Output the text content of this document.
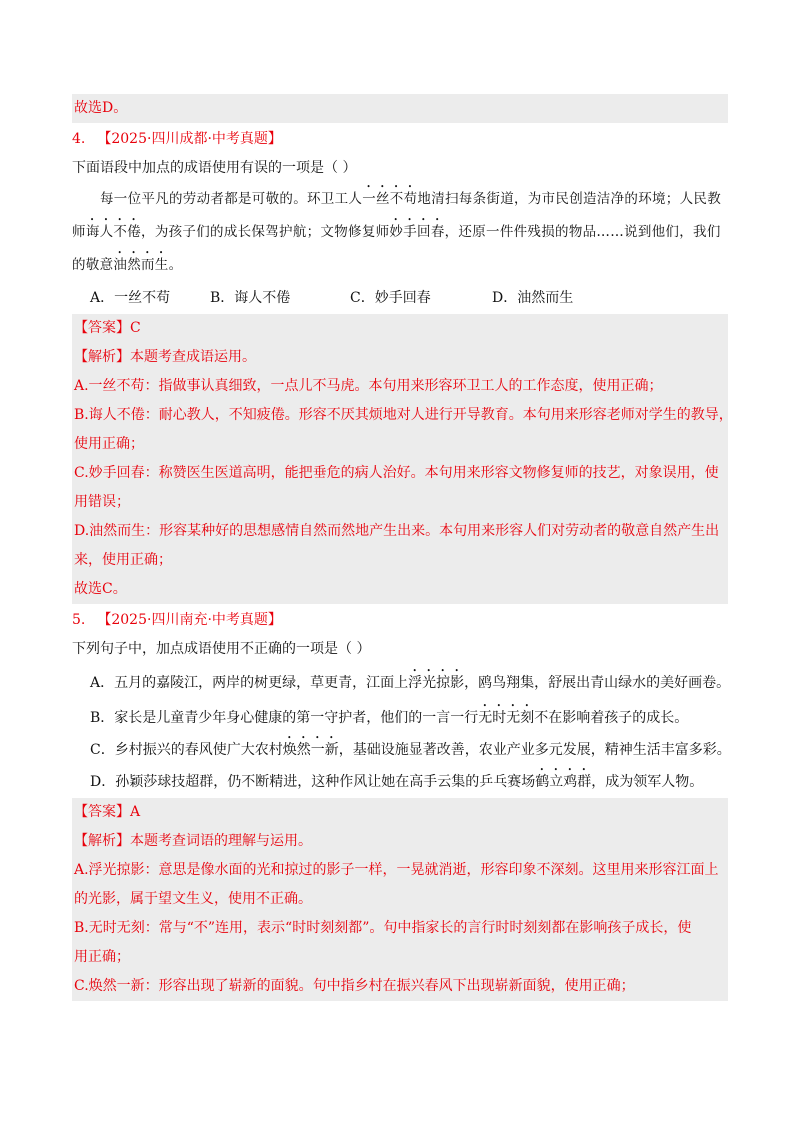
故选D。
4. 【2025·四川成都·中考真题】
下面语段中加点的成语使用有误的一项是（ ）
每一位平凡的劳动者都是可敬的。环卫工人一丝不苟地清扫每条街道，为市民创造洁净的环境；人民教师诲人不倦，为孩子们的成长保驾护航；文物修复师妙手回春，还原一件件残损的物品……说到他们，我们的敬意油然而生。
A．一丝不苟	B．诲人不倦	C．妙手回春	D．油然而生
【答案】C
【解析】本题考查成语运用。
A.一丝不苟：指做事认真细致，一点儿不马虎。本句用来形容环卫工人的工作态度，使用正确；
B.诲人不倦：耐心教人，不知疲倦。形容不厌其烦地对人进行开导教育。本句用来形容老师对学生的教导，
使用正确；
C.妙手回春：称赞医生医道高明，能把垂危的病人治好。本句用来形容文物修复师的技艺，对象误用，使
用错误；
D.油然而生：形容某种好的思想感情自然而然地产生出来。本句用来形容人们对劳动者的敬意自然产生出
来，使用正确；
故选C。
5. 【2025·四川南充·中考真题】
下列句子中，加点成语使用不正确的一项是（ ）
A．五月的嘉陵江，两岸的树更绿，草更青，江面上浮光掠影，鸥鸟翔集，舒展出青山绿水的美好画卷。
B．家长是儿童青少年身心健康的第一守护者，他们的一言一行无时无刻不在影响着孩子的成长。
C．乡村振兴的春风使广大农村焕然一新，基础设施显著改善，农业产业多元发展，精神生活丰富多彩。
D．孙颖莎球技超群，仍不断精进，这种作风让她在高手云集的乒乓赛场鹤立鸡群，成为领军人物。
【答案】A
【解析】本题考查词语的理解与运用。
A.浮光掠影：意思是像水面的光和掠过的影子一样，一晃就消逝，形容印象不深刻。这里用来形容江面上
的光影，属于望文生义，使用不正确。
B.无时无刻：常与“不”连用，表示“时时刻刻都”。句中指家长的言行时时刻刻都在影响孩子成长，使
用正确；
C.焕然一新：形容出现了崭新的面貌。句中指乡村在振兴春风下出现崭新面貌，使用正确；
